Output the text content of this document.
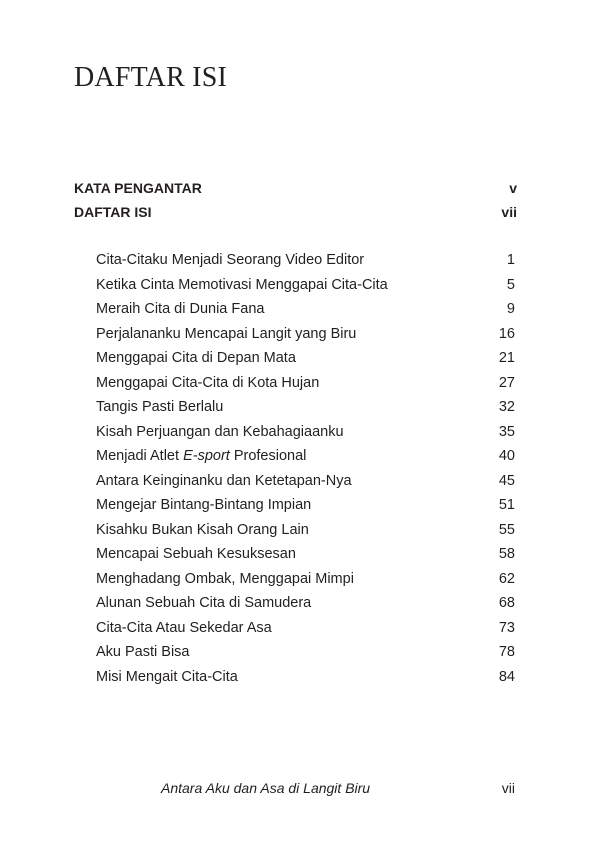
DAFTAR ISI
KATA PENGANTAR	v
DAFTAR ISI	vii
Cita-Citaku Menjadi Seorang Video Editor	1
Ketika Cinta Memotivasi Menggapai Cita-Cita	5
Meraih Cita di Dunia Fana	9
Perjalananku Mencapai Langit yang Biru	16
Menggapai Cita di Depan Mata	21
Menggapai Cita-Cita di Kota Hujan	27
Tangis Pasti Berlalu	32
Kisah Perjuangan dan Kebahagiaanku	35
Menjadi Atlet E-sport Profesional	40
Antara Keinginanku dan Ketetapan-Nya	45
Mengejar Bintang-Bintang Impian	51
Kisahku Bukan Kisah Orang Lain	55
Mencapai Sebuah Kesuksesan	58
Menghadang Ombak, Menggapai Mimpi	62
Alunan Sebuah Cita di Samudera	68
Cita-Cita Atau Sekedar Asa	73
Aku Pasti Bisa	78
Misi Mengait Cita-Cita	84
Antara Aku dan Asa di Langit Biru	vii
